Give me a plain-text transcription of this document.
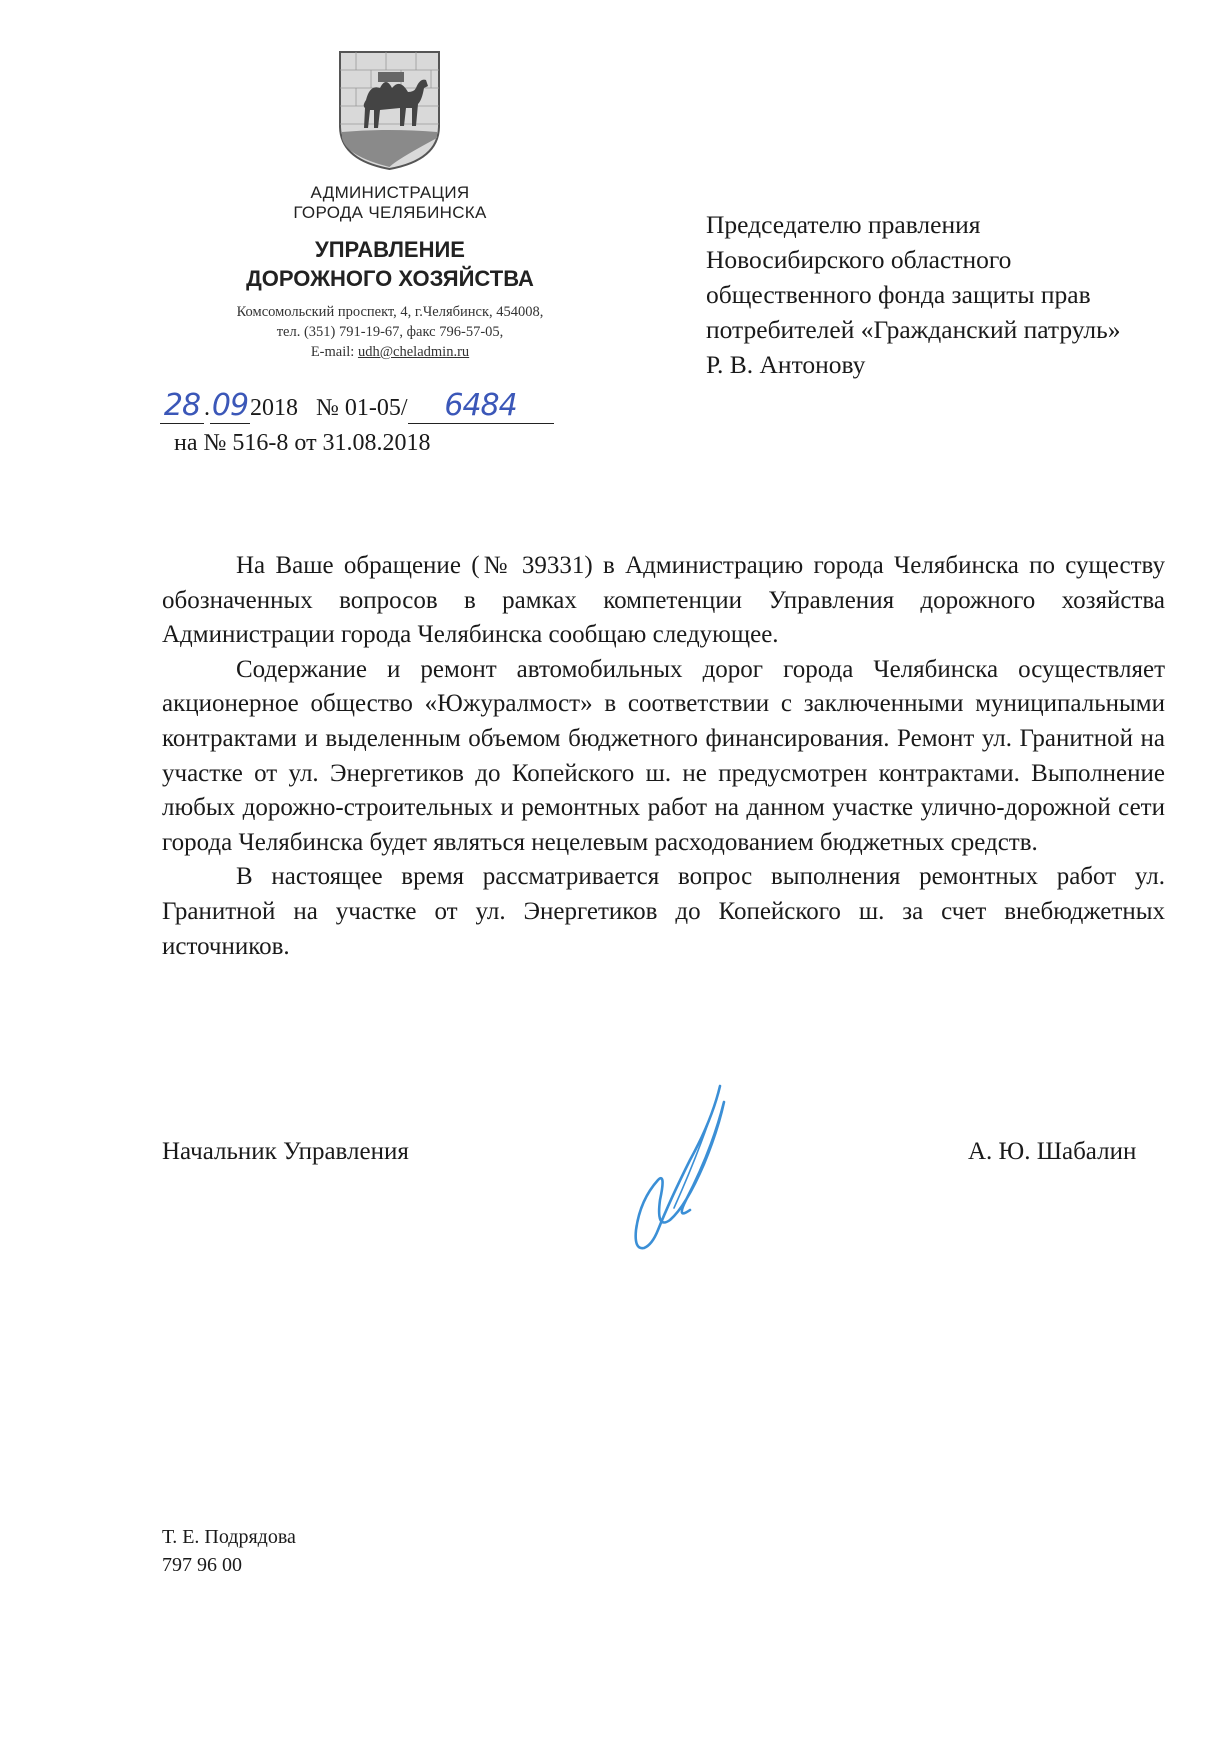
АДМИНИСТРАЦИЯ
ГОРОДА ЧЕЛЯБИНСКА
УПРАВЛЕНИЕ
ДОРОЖНОГО ХОЗЯЙСТВА
Комсомольский проспект, 4, г.Челябинск, 454008,
тел. (351) 791-19-67, факс 796-57-05,
E-mail: udh@cheladmin.ru
28 .092018 № 01-05/ 6484
на № 516-8 от 31.08.2018
Председателю правления
Новосибирского областного
общественного фонда защиты прав
потребителей «Гражданский патруль»
Р. В. Антонову

На Ваше обращение (№ 39331) в Администрацию города Челябинска по существу обозначенных вопросов в рамках компетенции Управления дорожного хозяйства Администрации города Челябинска сообщаю следующее.

Содержание и ремонт автомобильных дорог города Челябинска осуществляет акционерное общество «Южуралмост» в соответствии с заключенными муниципальными контрактами и выделенным объемом бюджетного финансирования. Ремонт ул. Гранитной на участке от ул. Энергетиков до Копейского ш. не предусмотрен контрактами. Выполнение любых дорожно-строительных и ремонтных работ на данном участке улично-дорожной сети города Челябинска будет являться нецелевым расходованием бюджетных средств.

В настоящее время рассматривается вопрос выполнения ремонтных работ ул. Гранитной на участке от ул. Энергетиков до Копейского ш. за счет внебюджетных источников.

Начальник Управления	А. Ю. Шабалин
Т. Е. Подрядова
797 96 00
